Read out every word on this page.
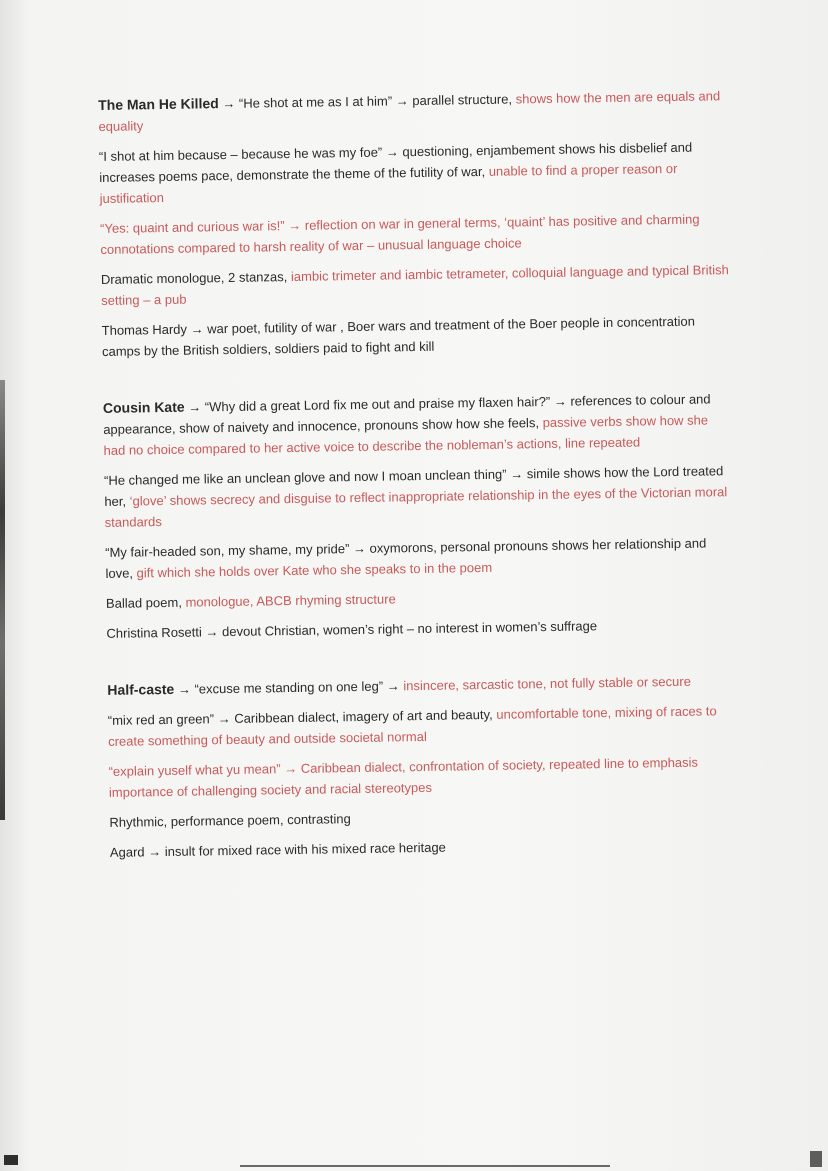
The Man He Killed → “He shot at me as I at him” → parallel structure, shows how the men are equals and equality

“I shot at him because – because he was my foe” → questioning, enjambement shows his disbelief and increases poems pace, demonstrate the theme of the futility of war, unable to find a proper reason or justification

“Yes: quaint and curious war is!” → reflection on war in general terms, ‘quaint’ has positive and charming connotations compared to harsh reality of war – unusual language choice

Dramatic monologue, 2 stanzas, iambic trimeter and iambic tetrameter, colloquial language and typical British setting – a pub

Thomas Hardy → war poet, futility of war , Boer wars and treatment of the Boer people in concentration camps by the British soldiers, soldiers paid to fight and kill

Cousin Kate → “Why did a great Lord fix me out and praise my flaxen hair?” → references to colour and appearance, show of naivety and innocence, pronouns show how she feels, passive verbs show how she had no choice compared to her active voice to describe the nobleman’s actions, line repeated

“He changed me like an unclean glove and now I moan unclean thing” → simile shows how the Lord treated her, ‘glove’ shows secrecy and disguise to reflect inappropriate relationship in the eyes of the Victorian moral standards

“My fair-headed son, my shame, my pride” → oxymorons, personal pronouns shows her relationship and love, gift which she holds over Kate who she speaks to in the poem

Ballad poem, monologue, ABCB rhyming structure

Christina Rosetti → devout Christian, women’s right – no interest in women’s suffrage

Half-caste → “excuse me standing on one leg” → insincere, sarcastic tone, not fully stable or secure

“mix red an green” → Caribbean dialect, imagery of art and beauty, uncomfortable tone, mixing of races to create something of beauty and outside societal normal

“explain yuself what yu mean” → Caribbean dialect, confrontation of society, repeated line to emphasis importance of challenging society and racial stereotypes

Rhythmic, performance poem, contrasting

Agard → insult for mixed race with his mixed race heritage
